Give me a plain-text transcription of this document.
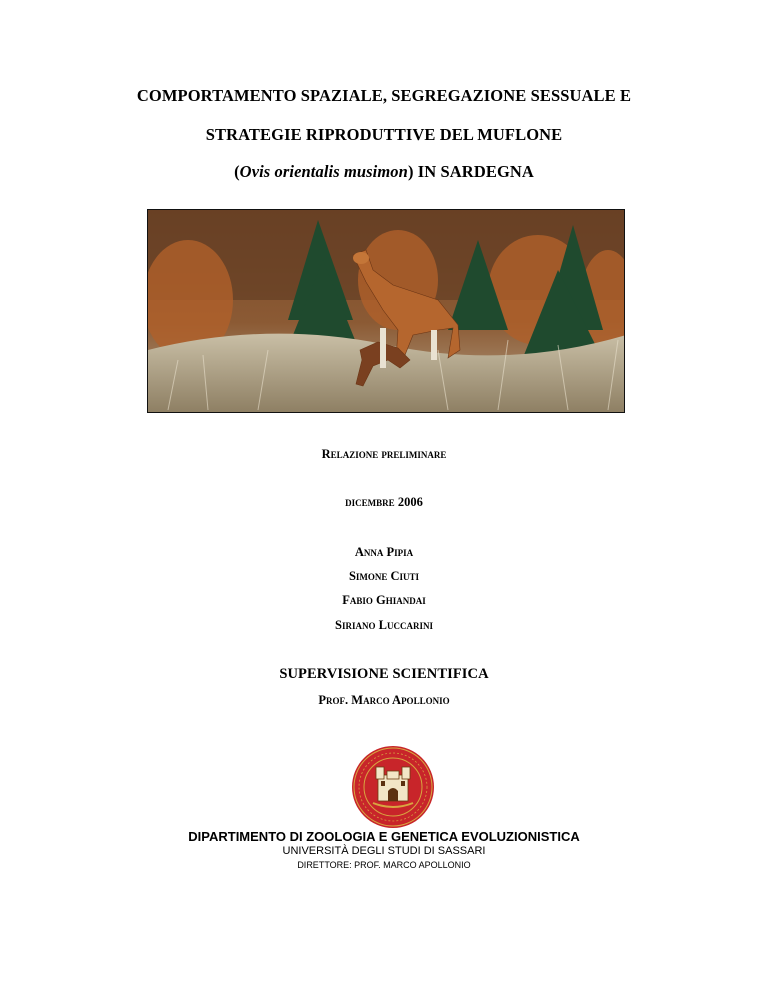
COMPORTAMENTO SPAZIALE, SEGREGAZIONE SESSUALE E
STRATEGIE RIPRODUTTIVE DEL MUFLONE
(Ovis orientalis musimon) IN SARDEGNA
Relazione preliminare
dicembre 2006
Anna Pipia
Simone Ciuti
Fabio Ghiandai
Siriano Luccarini
SUPERVISIONE SCIENTIFICA
Prof. Marco Apollonio
DIPARTIMENTO DI ZOOLOGIA E GENETICA EVOLUZIONISTICA
UNIVERSITÀ DEGLI STUDI DI SASSARI
DIRETTORE: PROF. MARCO APOLLONIO
